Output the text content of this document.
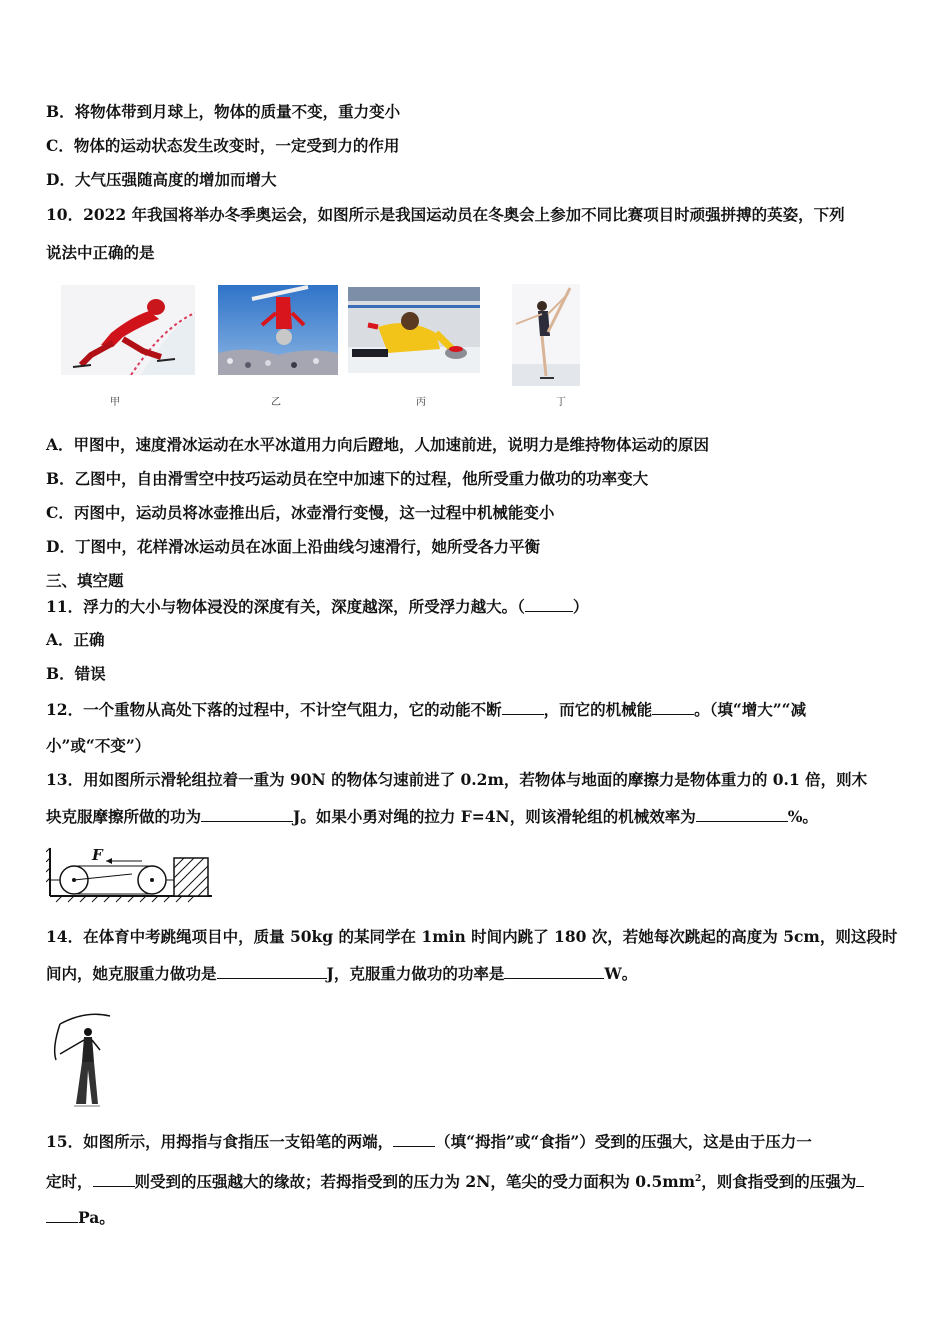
B．将物体带到月球上，物体的质量不变，重力变小
C．物体的运动状态发生改变时，一定受到力的作用
D．大气压强随高度的增加而增大
10．2022 年我国将举办冬季奥运会，如图所示是我国运动员在冬奥会上参加不同比赛项目时顽强拼搏的英姿，下列
说法中正确的是
甲	乙	丙	丁
A．甲图中，速度滑冰运动在水平冰道用力向后蹬地，人加速前进，说明力是维持物体运动的原因
B．乙图中，自由滑雪空中技巧运动员在空中加速下的过程，他所受重力做功的功率变大
C．丙图中，运动员将冰壶推出后，冰壶滑行变慢，这一过程中机械能变小
D．丁图中，花样滑冰运动员在冰面上沿曲线匀速滑行，她所受各力平衡
三、填空题
11．浮力的大小与物体浸没的深度有关，深度越深，所受浮力越大。（	）
A．正确
B．错误
12．一个重物从高处下落的过程中，不计空气阻力，它的动能不断	，而它的机械能	。（填“增大”“减
小”或“不变”）
13．用如图所示滑轮组拉着一重为 90N 的物体匀速前进了 0.2m，若物体与地面的摩擦力是物体重力的 0.1 倍，则木
块克服摩擦所做的功为	J。如果小勇对绳的拉力 F=4N，则该滑轮组的机械效率为	%。
F
14．在体育中考跳绳项目中，质量 50kg 的某同学在 1min 时间内跳了 180 次，若她每次跳起的高度为 5cm，则这段时
间内，她克服重力做功是	J，克服重力做功的功率是	W。
15．如图所示，用拇指与食指压一支铅笔的两端，	（填“拇指”或“食指”）受到的压强大，这是由于压力一
定时，	则受到的压强越大的缘故；若拇指受到的压力为 2N，笔尖的受力面积为 $0.5mm^2$，则食指受到的压强为
Pa。
